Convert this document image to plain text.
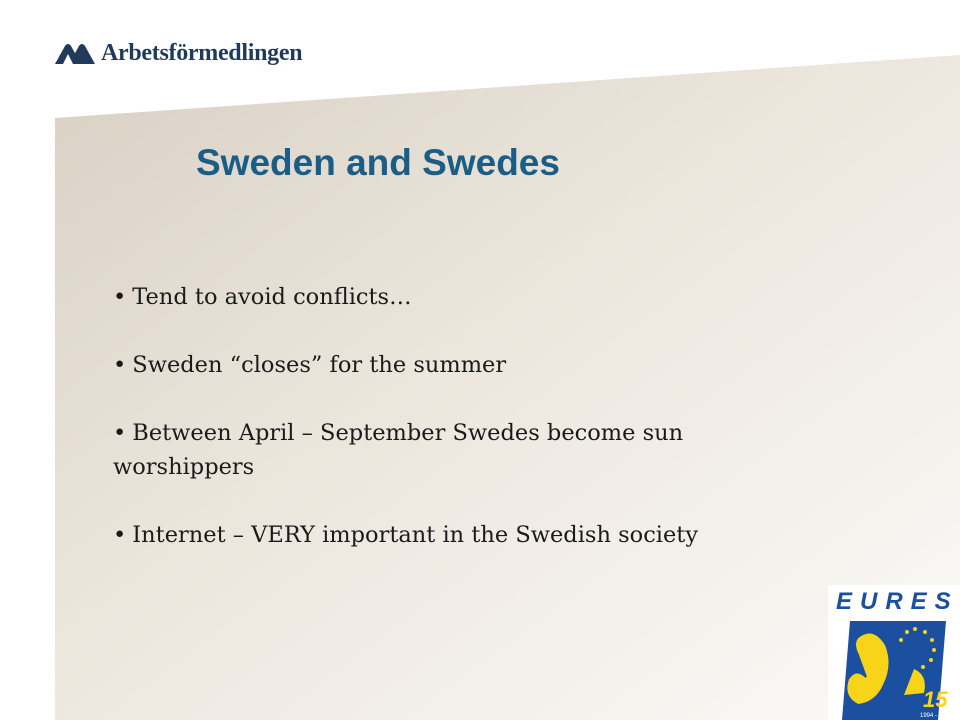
Arbetsförmedlingen
Sweden and Swedes
• Tend to avoid conflicts…
• Sweden “closes” for the summer
• Between April – September Swedes become sun worshippers
• Internet – VERY important in the Swedish society
EURES
15
1994 - 2009
